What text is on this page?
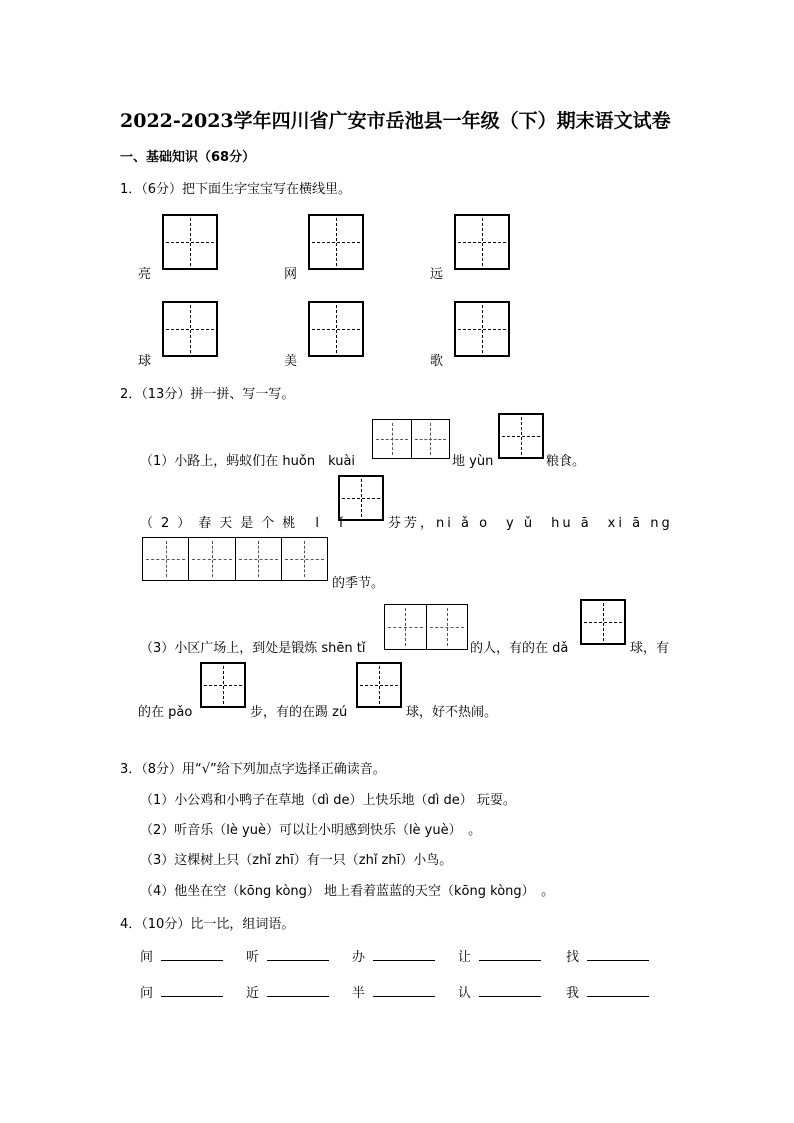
2022-2023学年四川省广安市岳池县一年级（下）期末语文试卷
一、基础知识（68分）
1．（6分）把下面生字宝宝写在横线里。
亮	网	远
球	美	歌
2．（13分）拼一拼、写一写。
（1）小路上，蚂蚁们在 huǒn　kuài	地 yùn	粮食。
（2）春天是个桃 l ǐ	芬芳，ni ǎ o　y ǔ　hu ā　xi ā ng
的季节。
（3）小区广场上，到处是锻炼 shēn tǐ	的人，有的在 dǎ	球，有
的在 pǎo	步，有的在踢 zú	球，好不热闹。
3．（8分）用“√”给下列加点字选择正确读音。
（1）小公鸡和小鸭子在草地（dì de）上快乐地（dì de） 玩耍。
（2）听音乐（lè yuè）可以让小明感到快乐（lè yuè）　。
（3）这棵树上只（zhǐ zhī）有一只（zhǐ zhī）小鸟。
（4）他坐在空（kōng kòng） 地上看着蓝蓝的天空（kōng kòng）　。
4．（10分）比一比，组词语。
间	听	办	让	找
问	近	半	认	我
